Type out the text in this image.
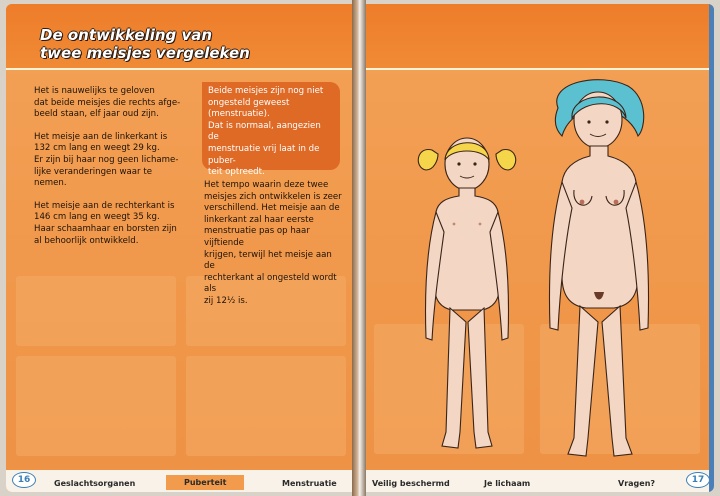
De ontwikkeling van
twee meisjes vergeleken

Het is nauwelijks te geloven
dat beide meisjes die rechts afge-
beeld staan, elf jaar oud zijn.

Het meisje aan de linkerkant is
132 cm lang en weegt 29 kg.
Er zijn bij haar nog geen lichame-
lijke veranderingen waar te
nemen.

Het meisje aan de rechterkant is
146 cm lang en weegt 35 kg.
Haar schaamhaar en borsten zijn
al behoorlijk ontwikkeld.

Beide meisjes zijn nog niet
ongesteld geweest (menstruatie).
Dat is normaal, aangezien de
menstruatie vrij laat in de puber-
teit optreedt.

Het tempo waarin deze twee
meisjes zich ontwikkelen is zeer
verschillend. Het meisje aan de
linkerkant zal haar eerste
menstruatie pas op haar vijftiende
krijgen, terwijl het meisje aan de
rechterkant al ongesteld wordt als
zij 12½ is.

16	Geslachtsorganen	Puberteit	Menstruatie	Veilig beschermd	Je lichaam	Vragen?	17
